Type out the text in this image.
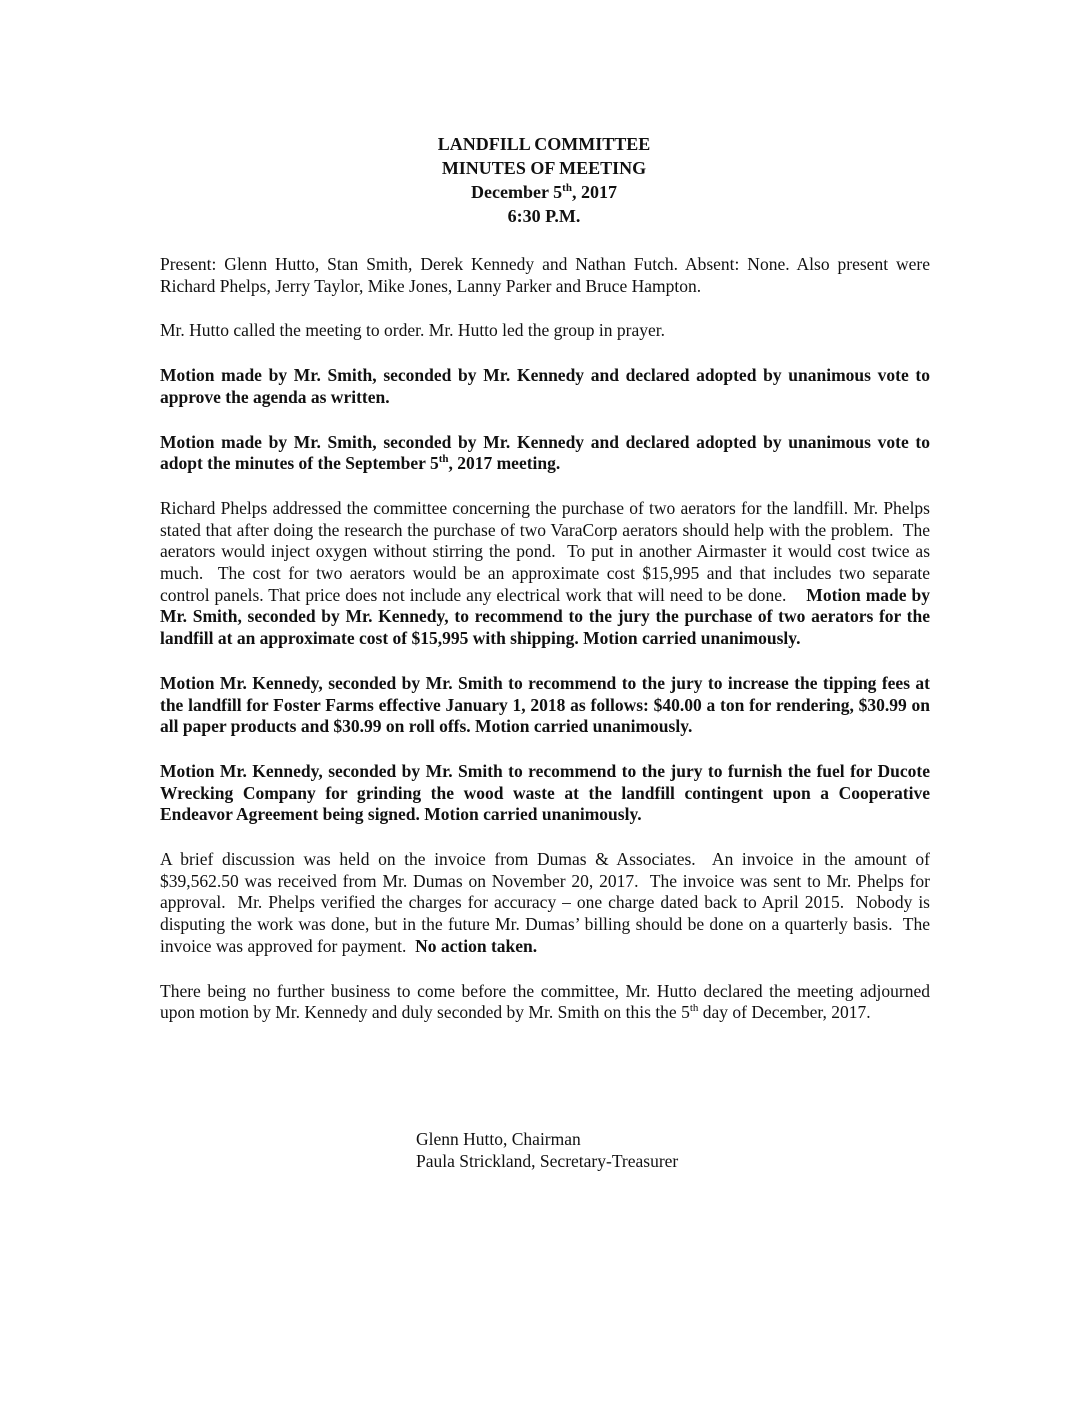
LANDFILL COMMITTEE
MINUTES OF MEETING
December 5th, 2017
6:30 P.M.

Present: Glenn Hutto, Stan Smith, Derek Kennedy and Nathan Futch. Absent: None. Also present were Richard Phelps, Jerry Taylor, Mike Jones, Lanny Parker and Bruce Hampton.

Mr. Hutto called the meeting to order. Mr. Hutto led the group in prayer.

Motion made by Mr. Smith, seconded by Mr. Kennedy and declared adopted by unanimous vote to approve the agenda as written.

Motion made by Mr. Smith, seconded by Mr. Kennedy and declared adopted by unanimous vote to adopt the minutes of the September 5th, 2017 meeting.

Richard Phelps addressed the committee concerning the purchase of two aerators for the landfill. Mr. Phelps stated that after doing the research the purchase of two VaraCorp aerators should help with the problem.  The aerators would inject oxygen without stirring the pond.  To put in another Airmaster it would cost twice as much.  The cost for two aerators would be an approximate cost $15,995 and that includes two separate control panels. That price does not include any electrical work that will need to be done.    Motion made by Mr. Smith, seconded by Mr. Kennedy, to recommend to the jury the purchase of two aerators for the landfill at an approximate cost of $15,995 with shipping. Motion carried unanimously.

Motion Mr. Kennedy, seconded by Mr. Smith to recommend to the jury to increase the tipping fees at the landfill for Foster Farms effective January 1, 2018 as follows: $40.00 a ton for rendering, $30.99 on all paper products and $30.99 on roll offs. Motion carried unanimously.

Motion Mr. Kennedy, seconded by Mr. Smith to recommend to the jury to furnish the fuel for Ducote Wrecking Company for grinding the wood waste at the landfill contingent upon a Cooperative Endeavor Agreement being signed. Motion carried unanimously.

A brief discussion was held on the invoice from Dumas & Associates.  An invoice in the amount of $39,562.50 was received from Mr. Dumas on November 20, 2017.  The invoice was sent to Mr. Phelps for approval.  Mr. Phelps verified the charges for accuracy – one charge dated back to April 2015.  Nobody is disputing the work was done, but in the future Mr. Dumas’ billing should be done on a quarterly basis.  The invoice was approved for payment.  No action taken.

There being no further business to come before the committee, Mr. Hutto declared the meeting adjourned upon motion by Mr. Kennedy and duly seconded by Mr. Smith on this the 5th day of December, 2017.

Glenn Hutto, Chairman
Paula Strickland, Secretary-Treasurer
